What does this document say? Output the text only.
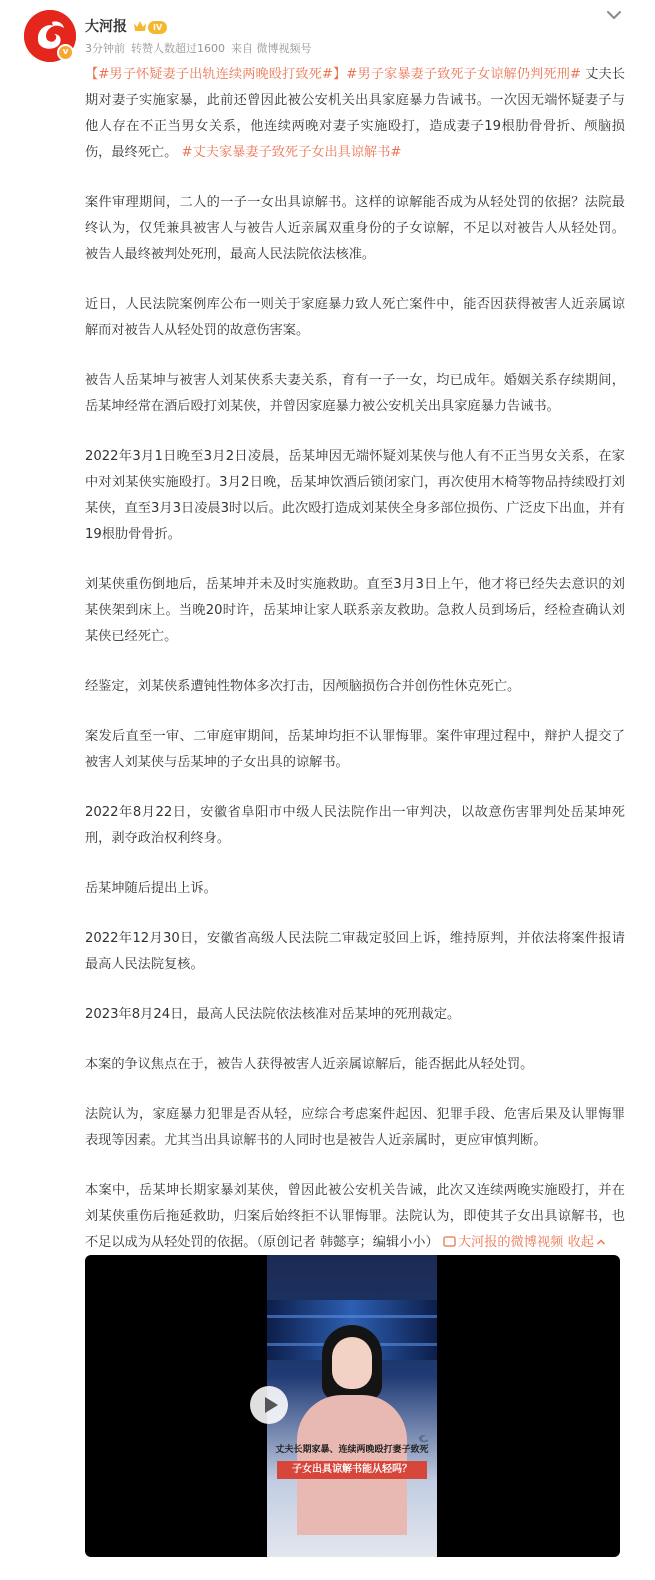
v
大河报	IV
3分钟前 转赞人数超过1600 来自 微博视频号

【#男子怀疑妻子出轨连续两晚殴打致死#】#男子家暴妻子致死子女谅解仍判死刑# 丈夫长期对妻子实施家暴，此前还曾因此被公安机关出具家庭暴力告诫书。一次因无端怀疑妻子与他人存在不正当男女关系，他连续两晚对妻子实施殴打，造成妻子19根肋骨骨折、颅脑损伤，最终死亡。 #丈夫家暴妻子致死子女出具谅解书#

案件审理期间，二人的一子一女出具谅解书。这样的谅解能否成为从轻处罚的依据？法院最终认为，仅凭兼具被害人与被告人近亲属双重身份的子女谅解，不足以对被告人从轻处罚。被告人最终被判处死刑，最高人民法院依法核准。

近日，人民法院案例库公布一则关于家庭暴力致人死亡案件中，能否因获得被害人近亲属谅解而对被告人从轻处罚的故意伤害案。

被告人岳某坤与被害人刘某侠系夫妻关系，育有一子一女，均已成年。婚姻关系存续期间，岳某坤经常在酒后殴打刘某侠，并曾因家庭暴力被公安机关出具家庭暴力告诫书。

2022年3月1日晚至3月2日凌晨，岳某坤因无端怀疑刘某侠与他人有不正当男女关系，在家中对刘某侠实施殴打。3月2日晚，岳某坤饮酒后锁闭家门，再次使用木椅等物品持续殴打刘某侠，直至3月3日凌晨3时以后。此次殴打造成刘某侠全身多部位损伤、广泛皮下出血，并有19根肋骨骨折。

刘某侠重伤倒地后，岳某坤并未及时实施救助。直至3月3日上午，他才将已经失去意识的刘某侠架到床上。当晚20时许，岳某坤让家人联系亲友救助。急救人员到场后，经检查确认刘某侠已经死亡。

经鉴定，刘某侠系遭钝性物体多次打击，因颅脑损伤合并创伤性休克死亡。

案发后直至一审、二审庭审期间，岳某坤均拒不认罪悔罪。案件审理过程中，辩护人提交了被害人刘某侠与岳某坤的子女出具的谅解书。

2022年8月22日，安徽省阜阳市中级人民法院作出一审判决，以故意伤害罪判处岳某坤死刑，剥夺政治权利终身。

岳某坤随后提出上诉。

2022年12月30日，安徽省高级人民法院二审裁定驳回上诉，维持原判，并依法将案件报请最高人民法院复核。

2023年8月24日，最高人民法院依法核准对岳某坤的死刑裁定。

本案的争议焦点在于，被告人获得被害人近亲属谅解后，能否据此从轻处罚。

法院认为，家庭暴力犯罪是否从轻，应综合考虑案件起因、犯罪手段、危害后果及认罪悔罪表现等因素。尤其当出具谅解书的人同时也是被告人近亲属时，更应审慎判断。

本案中，岳某坤长期家暴刘某侠，曾因此被公安机关告诫，此次又连续两晚实施殴打，并在刘某侠重伤后拖延救助，归案后始终拒不认罪悔罪。法院认为，即使其子女出具谅解书，也不足以成为从轻处罚的依据。（原创记者 韩懿享；编辑小小） 大河报的微博视频 收起

丈夫长期家暴、连续两晚殴打妻子致死
子女出具谅解书能从轻吗？
